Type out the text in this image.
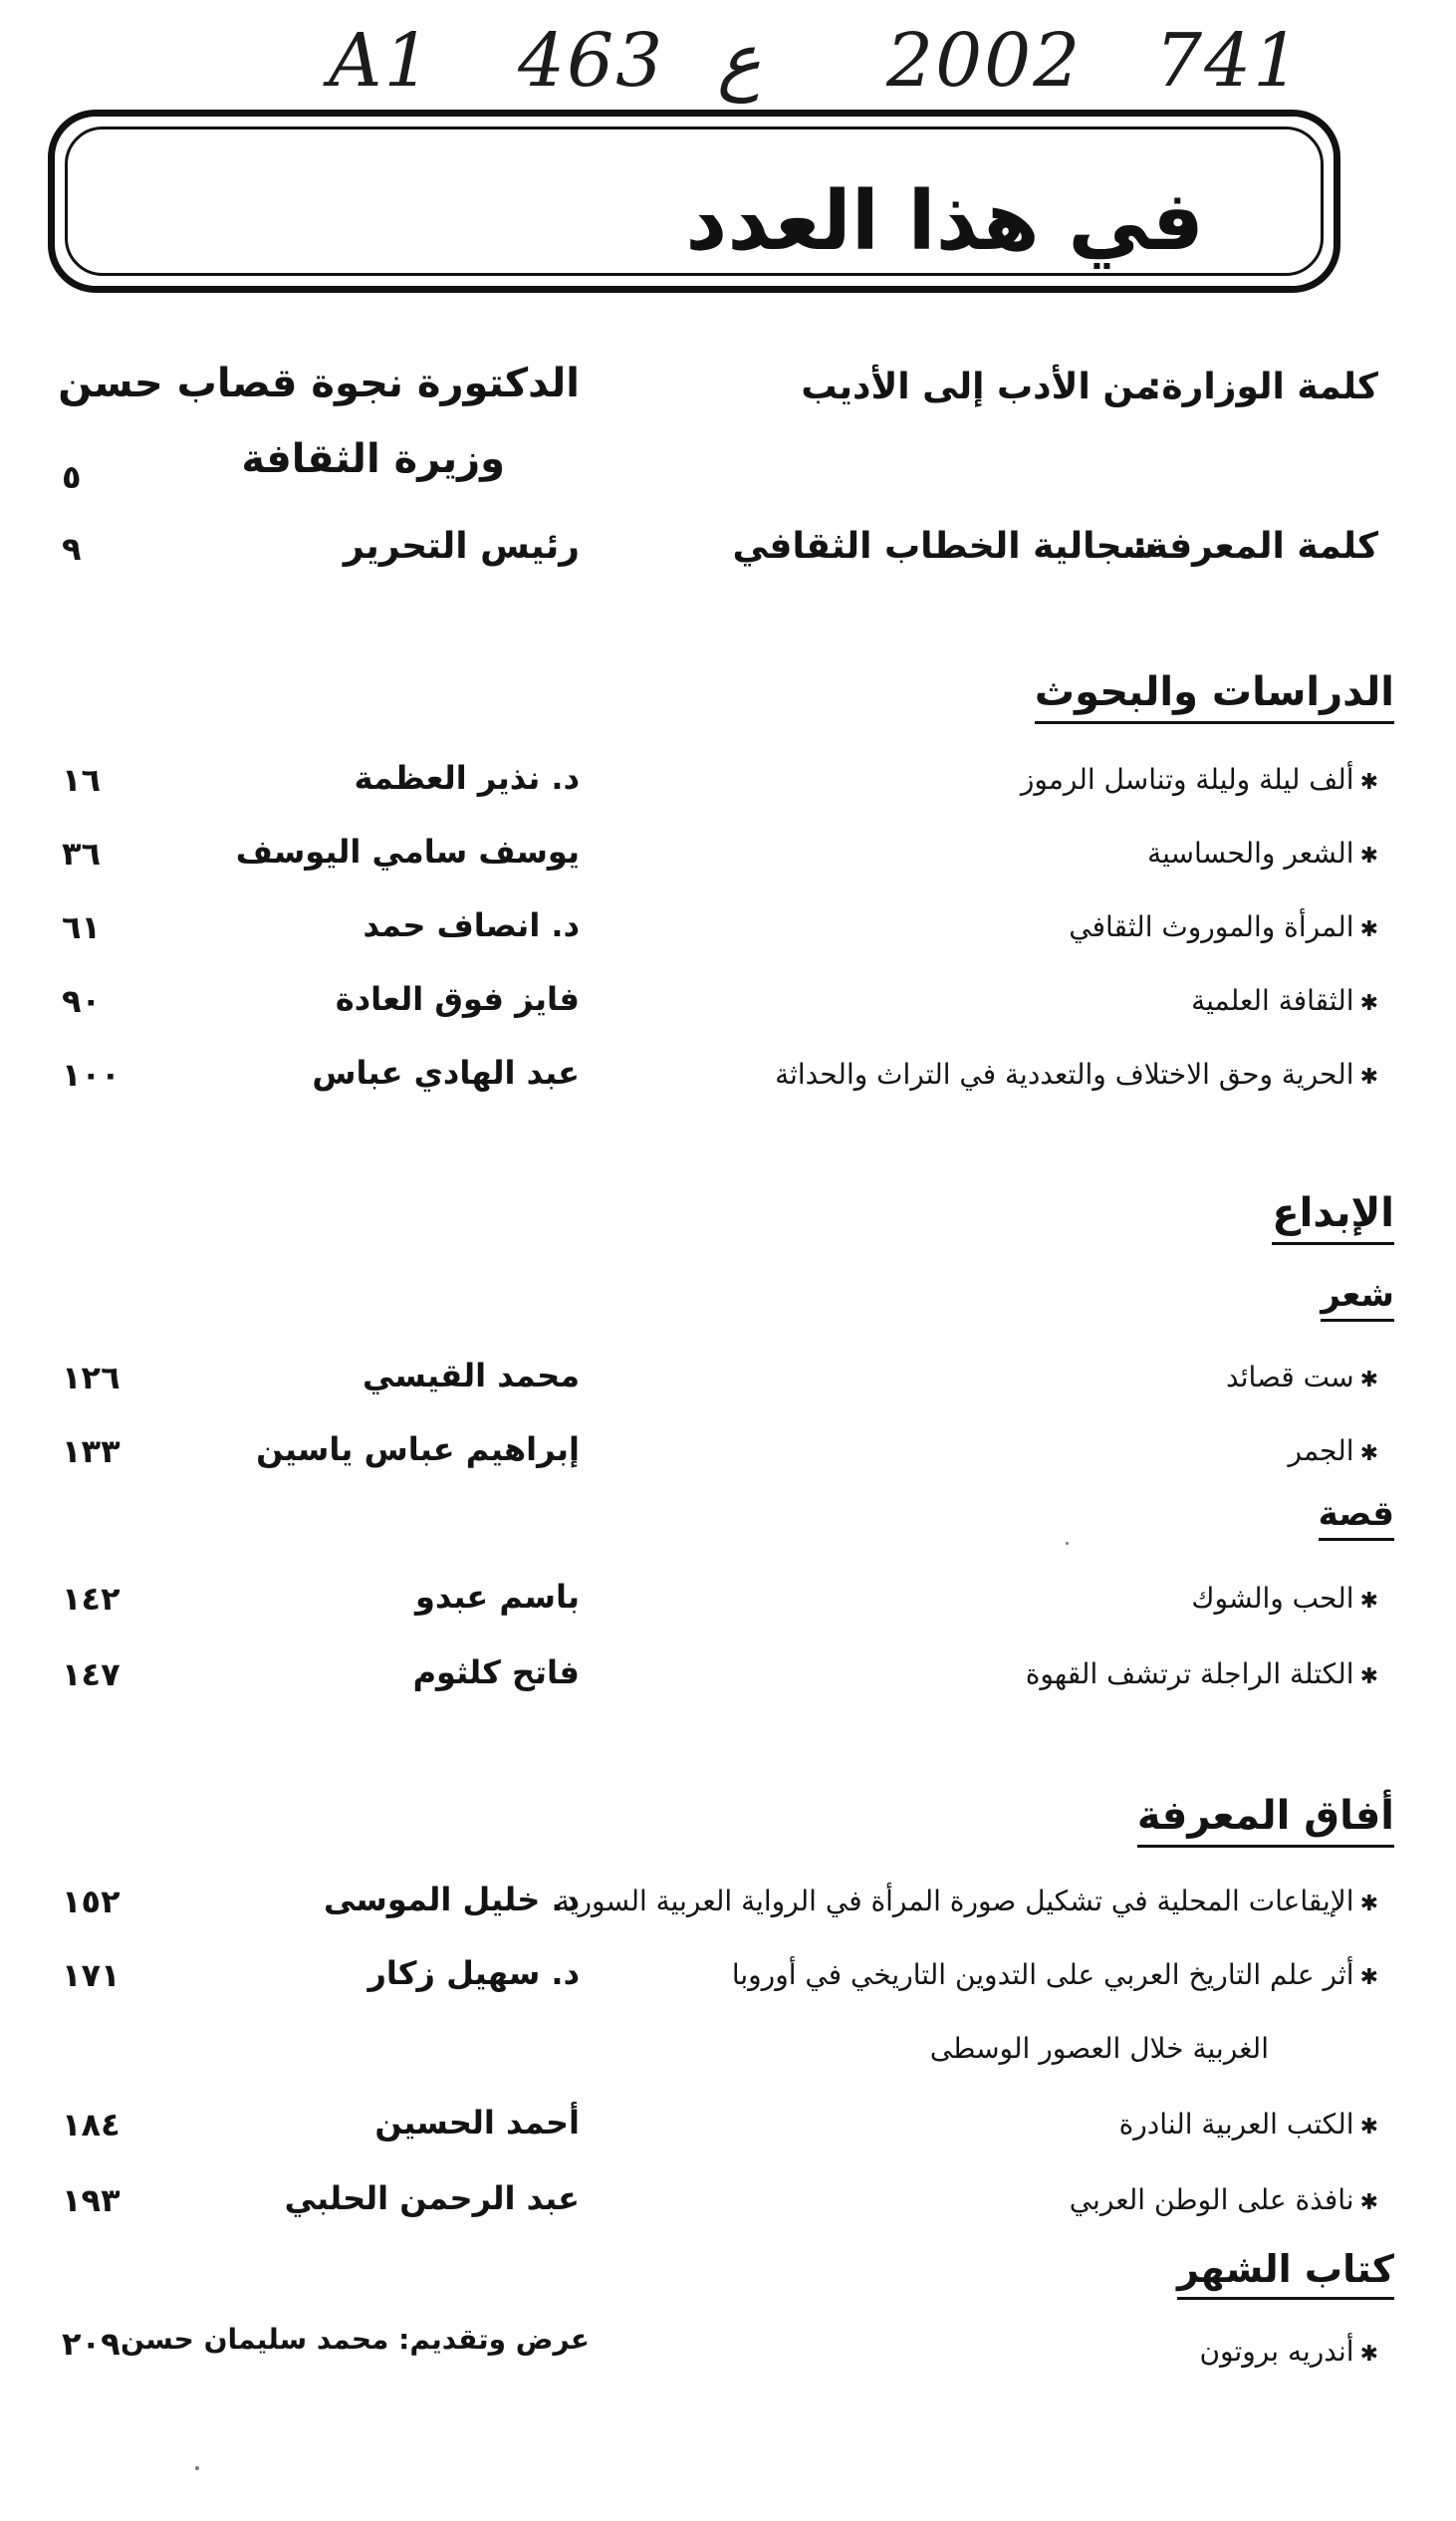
A1 463 ع 2002 741
في هذا العدد
كلمة الوزارة:
من الأدب إلى الأديب
الدكتورة نجوة قصاب حسن
وزيرة الثقافة
٥
كلمة المعرفة:
سجالية الخطاب الثقافي
رئيس التحرير
٩
الدراسات والبحوث
✱ألف ليلة وليلة وتناسل الرموز
د. نذير العظمة
١٦
✱الشعر والحساسية
يوسف سامي اليوسف
٣٦
✱المرأة والموروث الثقافي
د. انصاف حمد
٦١
✱الثقافة العلمية
فايز فوق العادة
٩٠
✱الحرية وحق الاختلاف والتعددية في التراث والحداثة
عبد الهادي عباس
١٠٠
الإبداع
شعر
✱ست قصائد
محمد القيسي
١٢٦
✱الجمر
إبراهيم عباس ياسين
١٣٣
قصة
✱الحب والشوك
باسم عبدو
١٤٢
✱الكتلة الراجلة ترتشف القهوة
فاتح كلثوم
١٤٧
أفاق المعرفة
✱الإيقاعات المحلية في تشكيل صورة المرأة في الرواية العربية السورية
د. خليل الموسى
١٥٢
✱أثر علم التاريخ العربي على التدوين التاريخي في أوروبا
الغربية خلال العصور الوسطى
د. سهيل زكار
١٧١
✱الكتب العربية النادرة
أحمد الحسين
١٨٤
✱نافذة على الوطن العربي
عبد الرحمن الحلبي
١٩٣
كتاب الشهر
✱أندريه بروتون
عرض وتقديم: محمد سليمان حسن
٢٠٩
